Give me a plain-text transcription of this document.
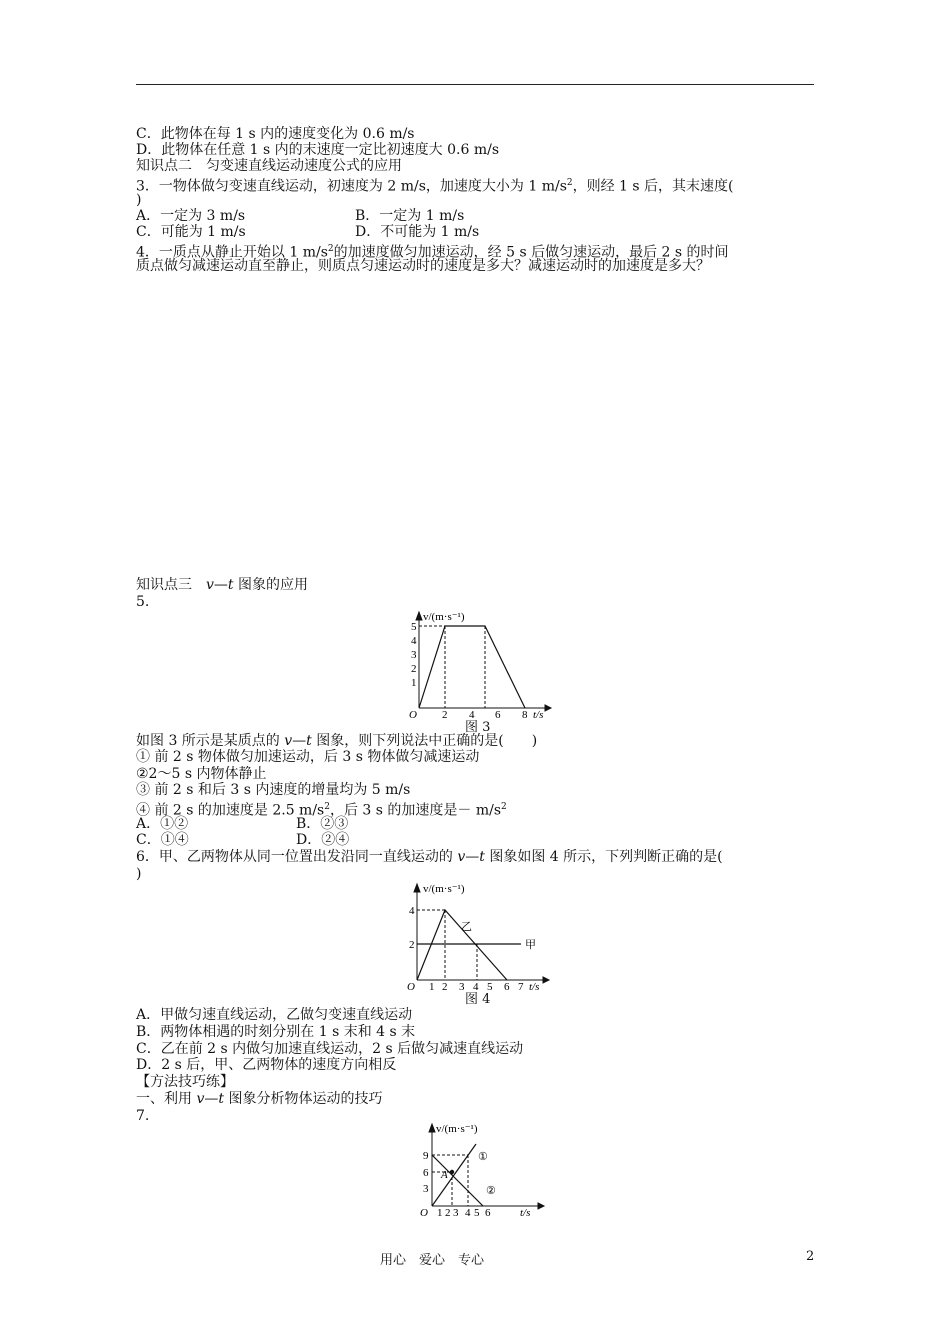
C．此物体在每 1 s 内的速度变化为 0.6 m/s
D．此物体在任意 1 s 内的末速度一定比初速度大 0.6 m/s
知识点二　匀变速直线运动速度公式的应用
3．一物体做匀变速直线运动，初速度为 2 m/s，加速度大小为 1 $m/s^2$，则经 1 s 后，其末速度(
)
A．一定为 3 m/s	B．一定为 1 m/s
C．可能为 1 m/s	D．不可能为 1 m/s
4．一质点从静止开始以 1 $m/s^2$的加速度做匀加速运动，经 5 s 后做匀速运动，最后 2 s 的时间
质点做匀减速运动直至静止，则质点匀速运动时的速度是多大？减速运动时的加速度是多大？
知识点三　v—t 图象的应用
5.
v/(m·s⁻¹)
5
4
3
2
1
O 2 4 6 8 t/s
图 3
如图 3 所示是某质点的 v—t 图象，则下列说法中正确的是(　　)
① 前 2 s 物体做匀加速运动，后 3 s 物体做匀减速运动
②2～5 s 内物体静止
③ 前 2 s 和后 3 s 内速度的增量均为 5 m/s
④ 前 2 s 的加速度是 2.5 $m/s^2$，后 3 s 的加速度是－ $m/s^2$
A．①②	B．②③
C．①④	D．②④
6．甲、乙两物体从同一位置出发沿同一直线运动的 v—t 图象如图 4 所示，下列判断正确的是(
)
v/(m·s⁻¹)
4
2
O 1 2 3 4 5 6 7 t/s
乙
甲
图 4
A．甲做匀速直线运动，乙做匀变速直线运动
B．两物体相遇的时刻分别在 1 s 末和 4 s 末
C．乙在前 2 s 内做匀加速直线运动，2 s 后做匀减速直线运动
D．2 s 后，甲、乙两物体的速度方向相反
【方法技巧练】
一、利用 v—t 图象分析物体运动的技巧
7.
v/(m·s⁻¹)
9
6
3
O 1 2 3 4 5 6	t/s
A
①
②
用心　爱心　专心	2
